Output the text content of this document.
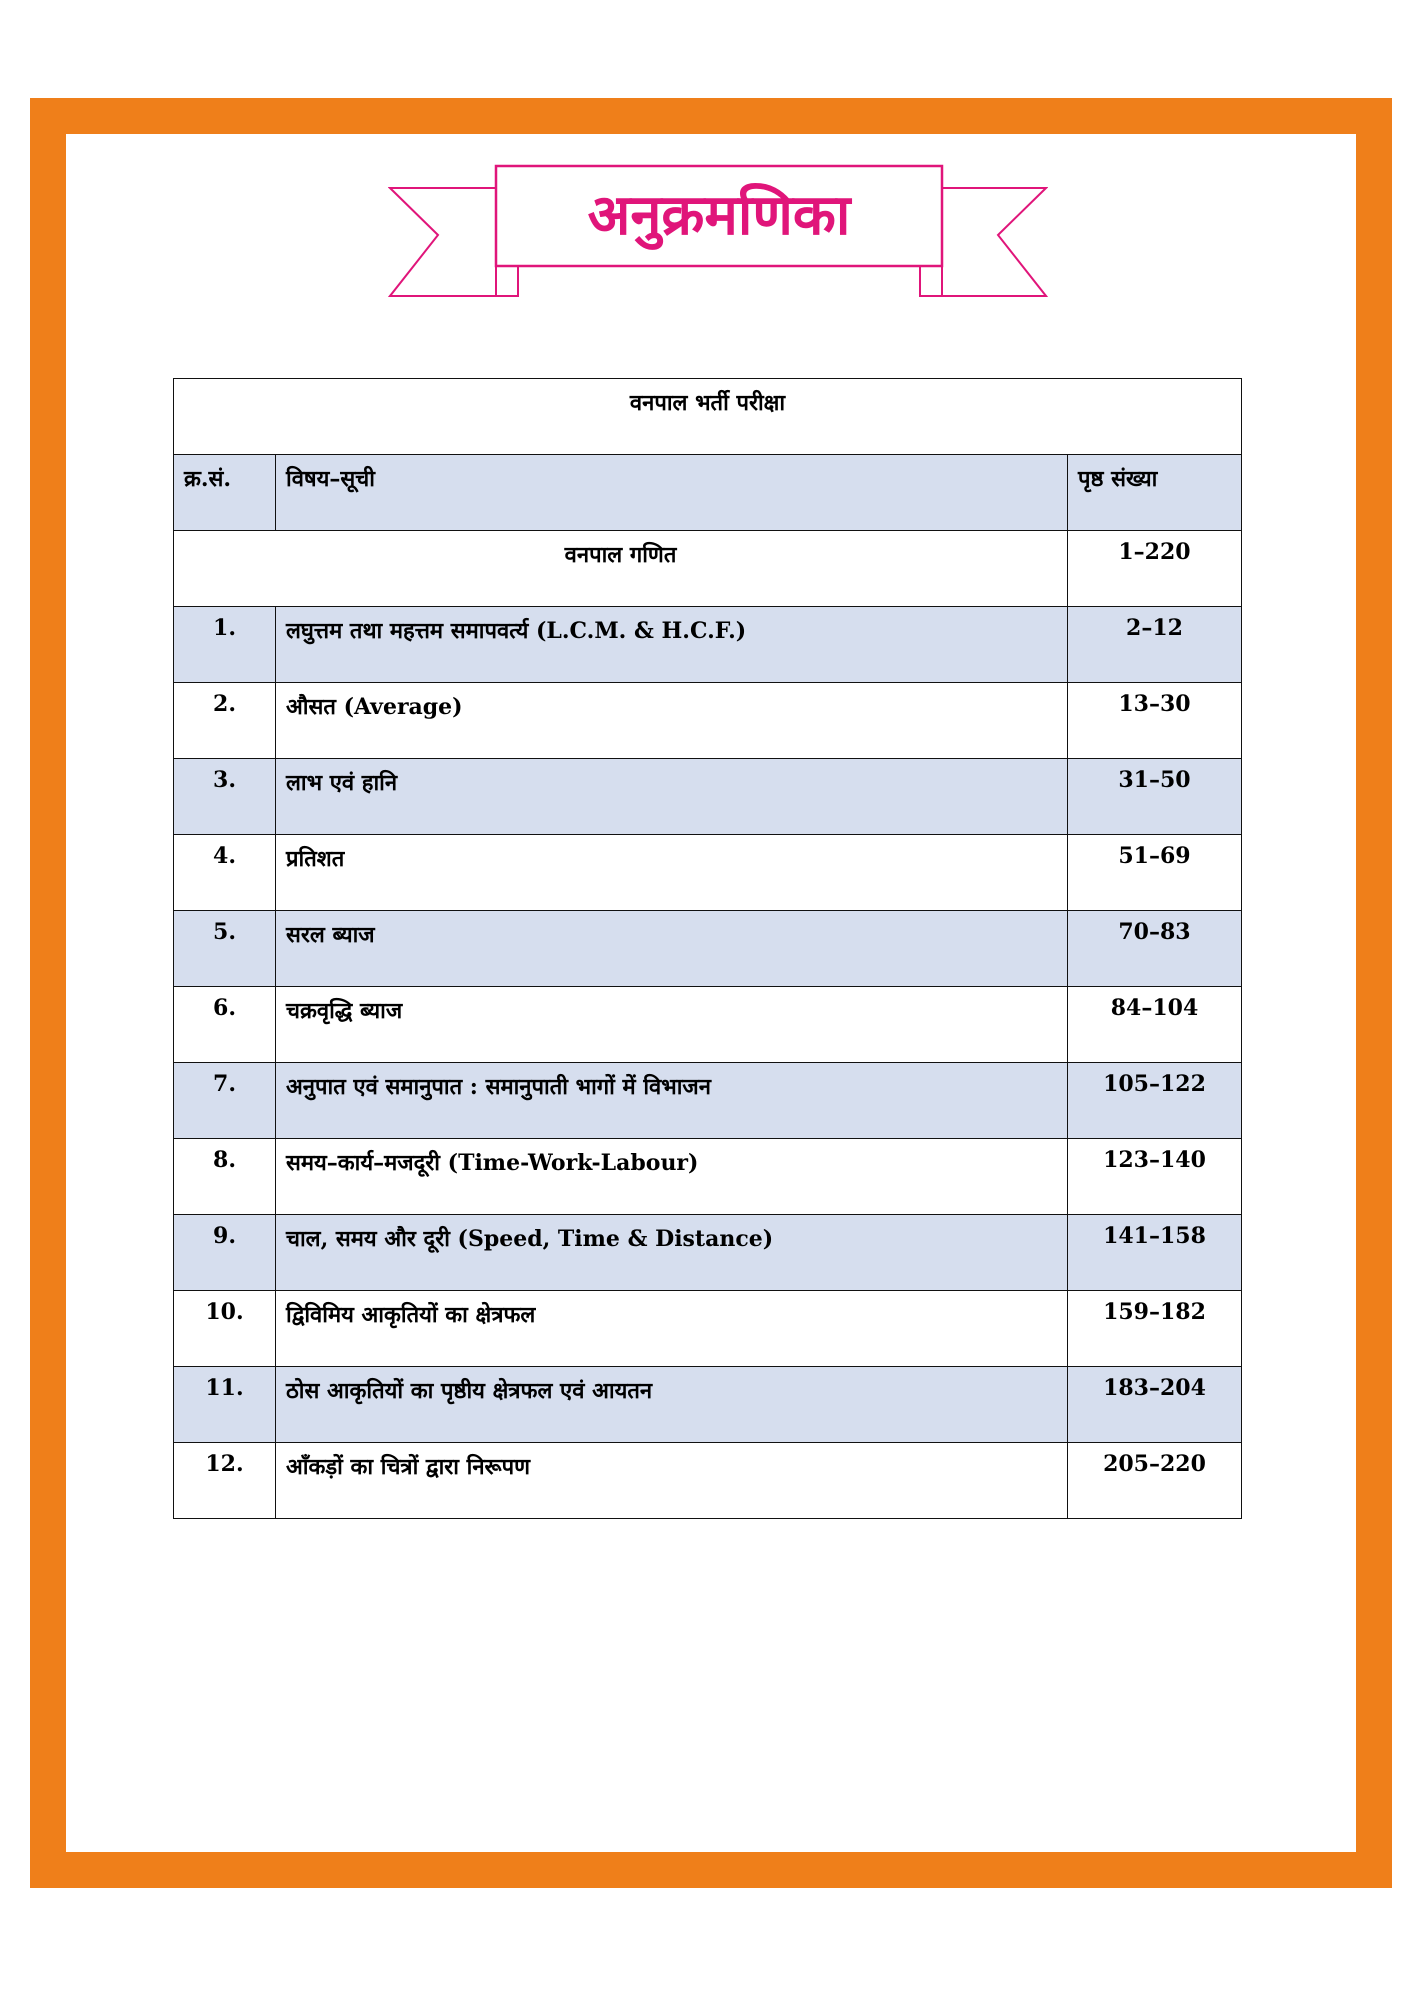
अनुक्रमणिका
वनपाल भर्ती परीक्षा		
क्र.सं.	विषय–सूची	पृष्ठ संख्या
वनपाल गणित		1–220
1.	लघुत्तम तथा महत्तम समापवर्त्य (L.C.M. & H.C.F.)	2–12
2.	औसत (Average)	13–30
3.	लाभ एवं हानि	31–50
4.	प्रतिशत	51–69
5.	सरल ब्याज	70–83
6.	चक्रवृद्धि ब्याज	84–104
7.	अनुपात एवं समानुपात : समानुपाती भागों में विभाजन	105–122
8.	समय–कार्य–मजदूरी (Time-Work-Labour)	123–140
9.	चाल, समय और दूरी (Speed, Time & Distance)	141–158
10.	द्विविमिय आकृतियों का क्षेत्रफल	159–182
11.	ठोस आकृतियों का पृष्ठीय क्षेत्रफल एवं आयतन	183–204
12.	आँकड़ों का चित्रों द्वारा निरूपण	205–220
